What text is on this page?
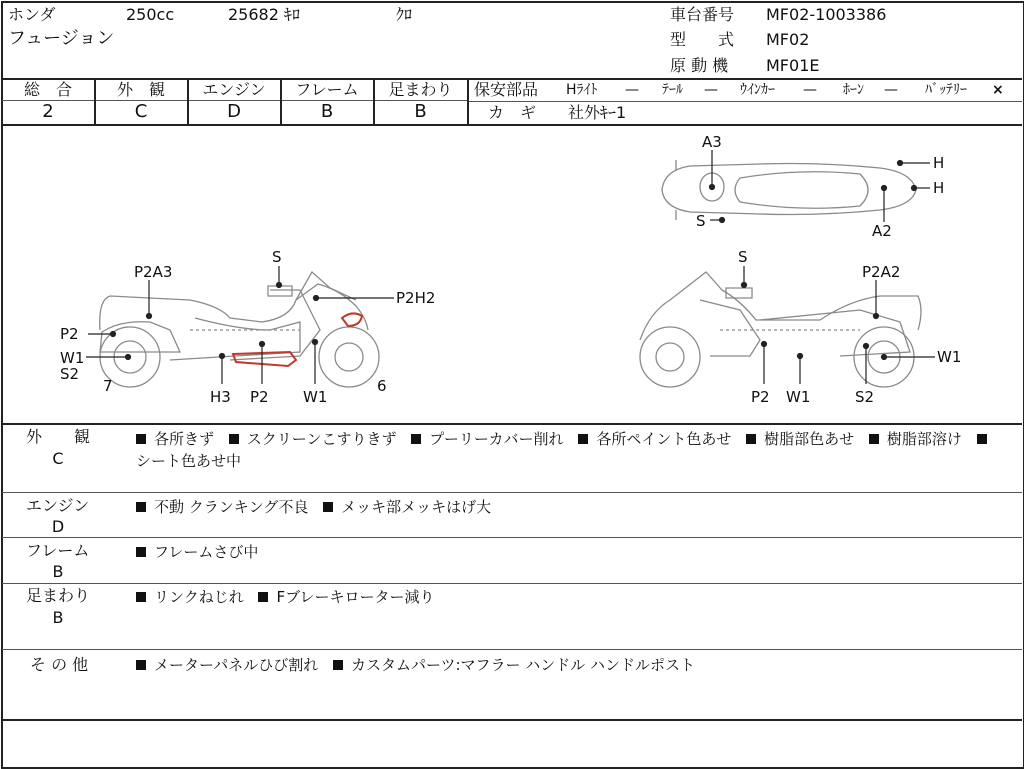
ホンダ	250cc	25682 ｷﾛ	ｸﾛ
フュージョン
車台番号 MF02-1003386
型　　式 MF02
原 動 機 MF01E
総　合
2
外　観
C
エンジン
D
フレーム
B
足まわり
B
保安部品 Hﾗｲﾄ — ﾃｰﾙ — ｳｲﾝｶｰ — ﾎｰﾝ — ﾊﾞｯﾃﾘｰ ×
カ　ギ 社外ｷｰ1
S
P2A3
P2H2
P2
W1
S2
7
H3 P2 W1
6
S
P2A2
W1
P2 W1	S2
A3
H
H
S
A2
外　　観
C
各所きず スクリーンこすりきず プーリーカバー削れ 各所ペイント色あせ 樹脂部色あせ 樹脂部溶け シート色あせ中
エンジン
D
不動 クランキング不良 メッキ部メッキはげ大
フレーム
B
フレームさび中
足まわり
B
リンクねじれ Fブレーキローター減り
そ の 他	メーターパネルひび割れ カスタムパーツ:マフラー ハンドル ハンドルポスト
